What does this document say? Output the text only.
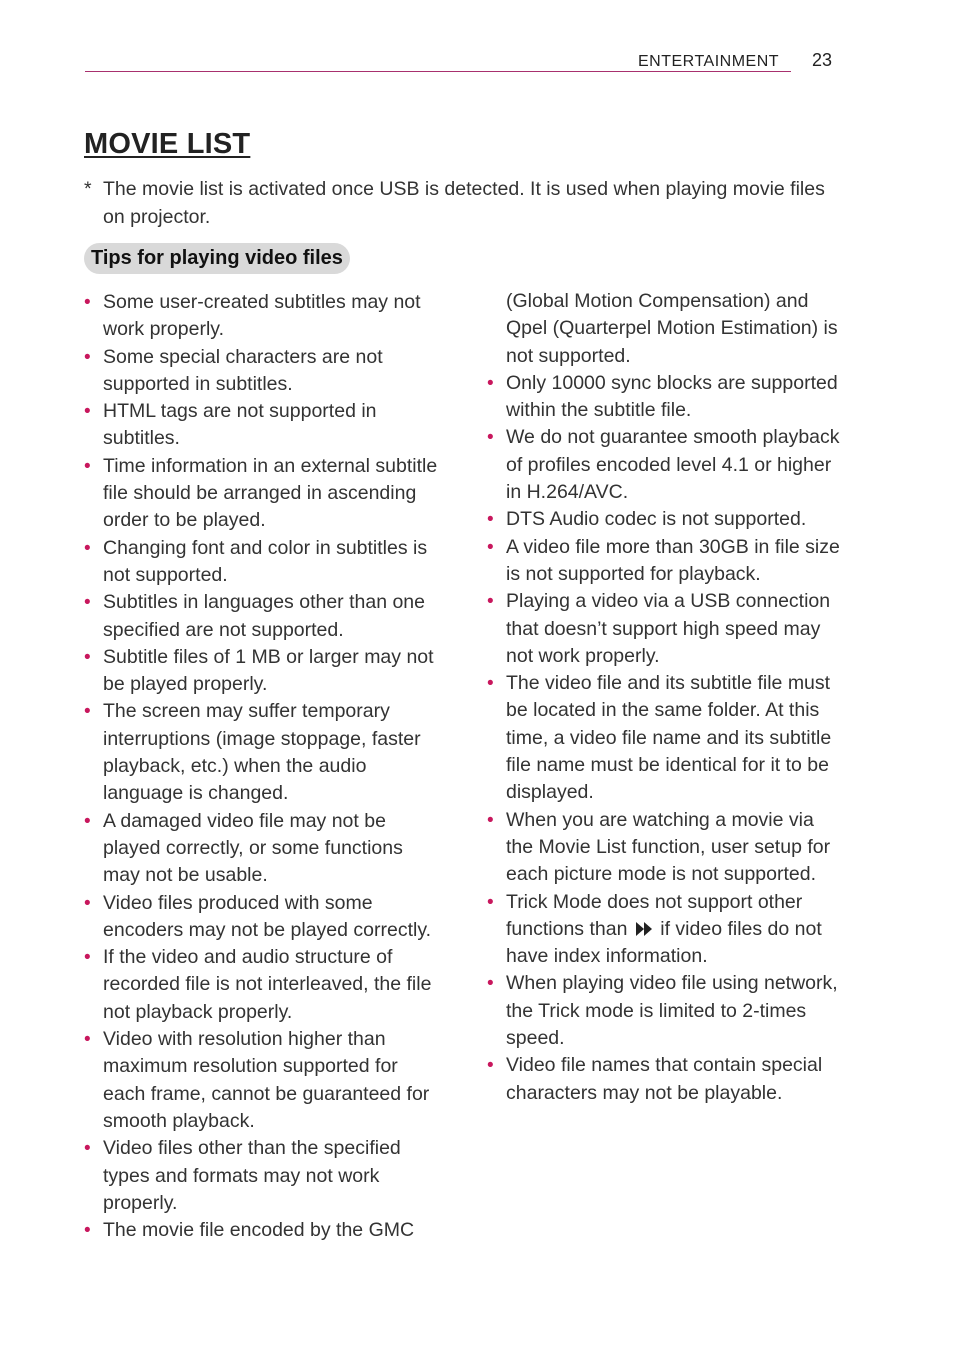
ENTERTAINMENT 23
MOVIE LIST
* The movie list is activated once USB is detected. It is used when playing movie files on projector.
Tips for playing video files
• Some user-created subtitles may not work properly.
• Some special characters are not supported in subtitles.
• HTML tags are not supported in subtitles.
• Time information in an external subtitle file should be arranged in ascending order to be played.
• Changing font and color in subtitles is not supported.
• Subtitles in languages other than one specified are not supported.
• Subtitle files of 1 MB or larger may not be played properly.
• The screen may suffer temporary interruptions (image stoppage, faster playback, etc.) when the audio language is changed.
• A damaged video file may not be played correctly, or some functions may not be usable.
• Video files produced with some encoders may not be played correctly.
• If the video and audio structure of recorded file is not interleaved, the file not playback properly.
• Video with resolution higher than maximum resolution supported for each frame, cannot be guaranteed for smooth playback.
• Video files other than the specified types and formats may not work properly.
• The movie file encoded by the GMC
(Global Motion Compensation) and Qpel (Quarterpel Motion Estimation) is not supported.
• Only 10000 sync blocks are supported within the subtitle file.
• We do not guarantee smooth playback of profiles encoded level 4.1 or higher in H.264/AVC.
• DTS Audio codec is not supported.
• A video file more than 30GB in file size is not supported for playback.
• Playing a video via a USB connection that doesn’t support high speed may not work properly.
• The video file and its subtitle file must be located in the same folder. At this time, a video file name and its subtitle file name must be identical for it to be displayed.
• When you are watching a movie via the Movie List function, user setup for each picture mode is not supported.
• Trick Mode does not support other functions than  if video files do not have index information.
• When playing video file using network, the Trick mode is limited to 2-times speed.
• Video file names that contain special characters may not be playable.
